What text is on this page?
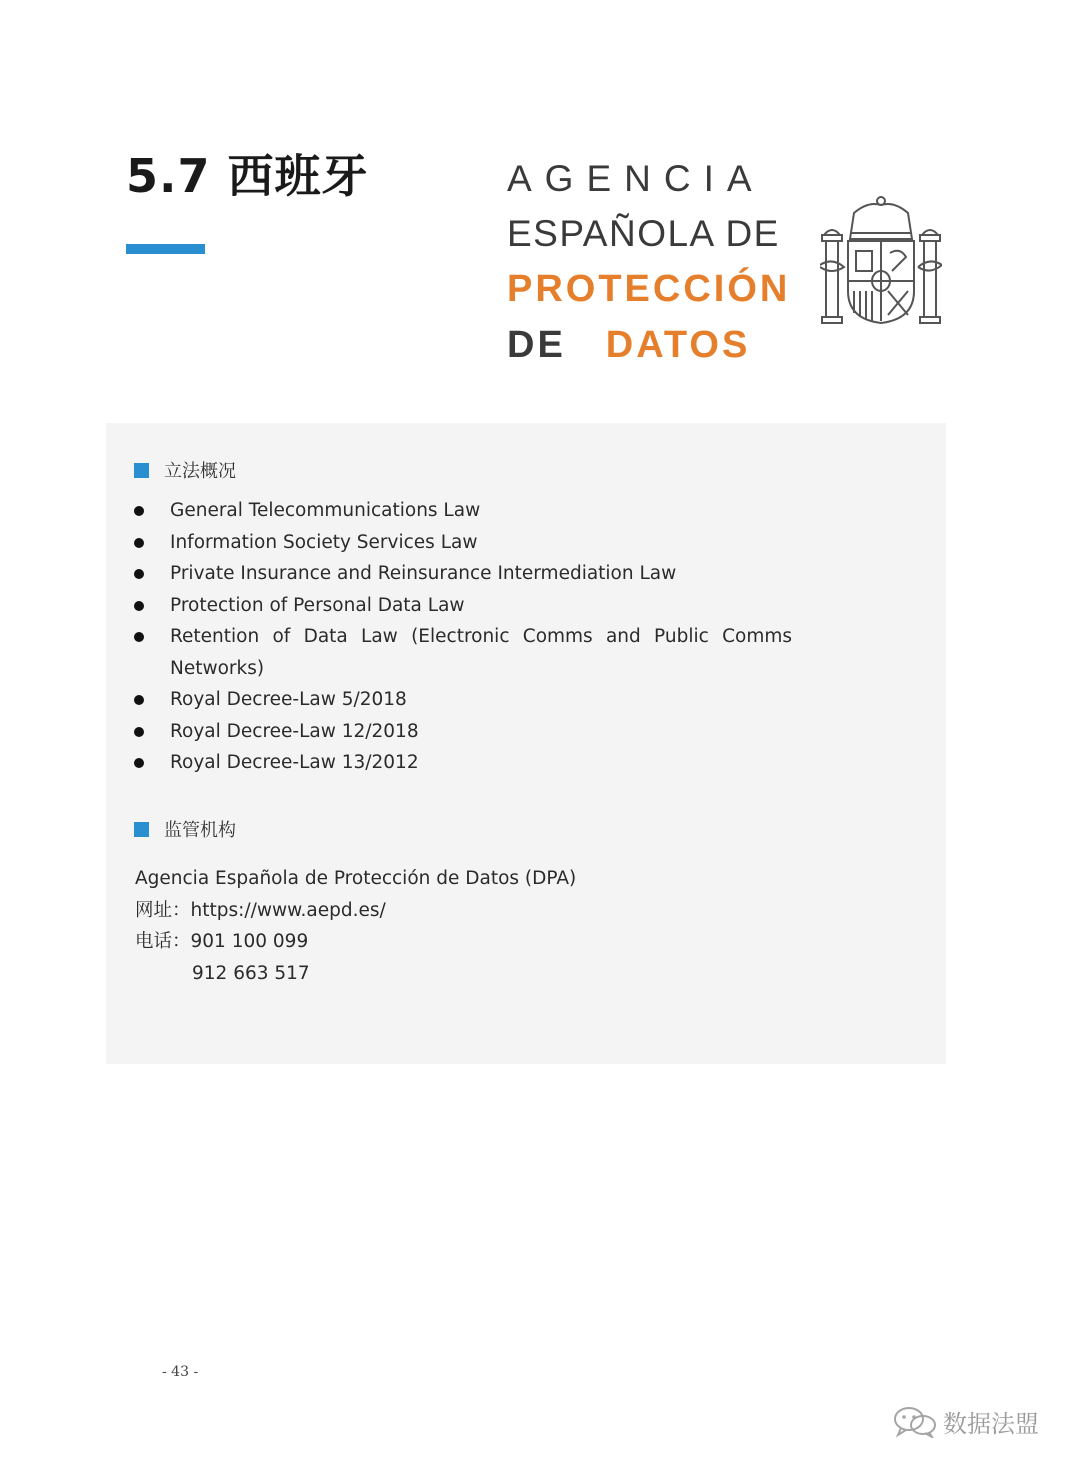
5.7 西班牙	AGENCIA
ESPAÑOLA DE
PROTECCIÓN
DE DATOS
立法概况
General Telecommunications Law
Information Society Services Law
Private Insurance and Reinsurance Intermediation Law
Protection of Personal Data Law
Retention of Data Law (Electronic Comms and Public Comms
Networks)
Royal Decree-Law 5/2018
Royal Decree-Law 12/2018
Royal Decree-Law 13/2012
监管机构
Agencia Española de Protección de Datos (DPA)
网址：https://www.aepd.es/
电话：901 100 099
912 663 517
- 43 -
数据法盟
